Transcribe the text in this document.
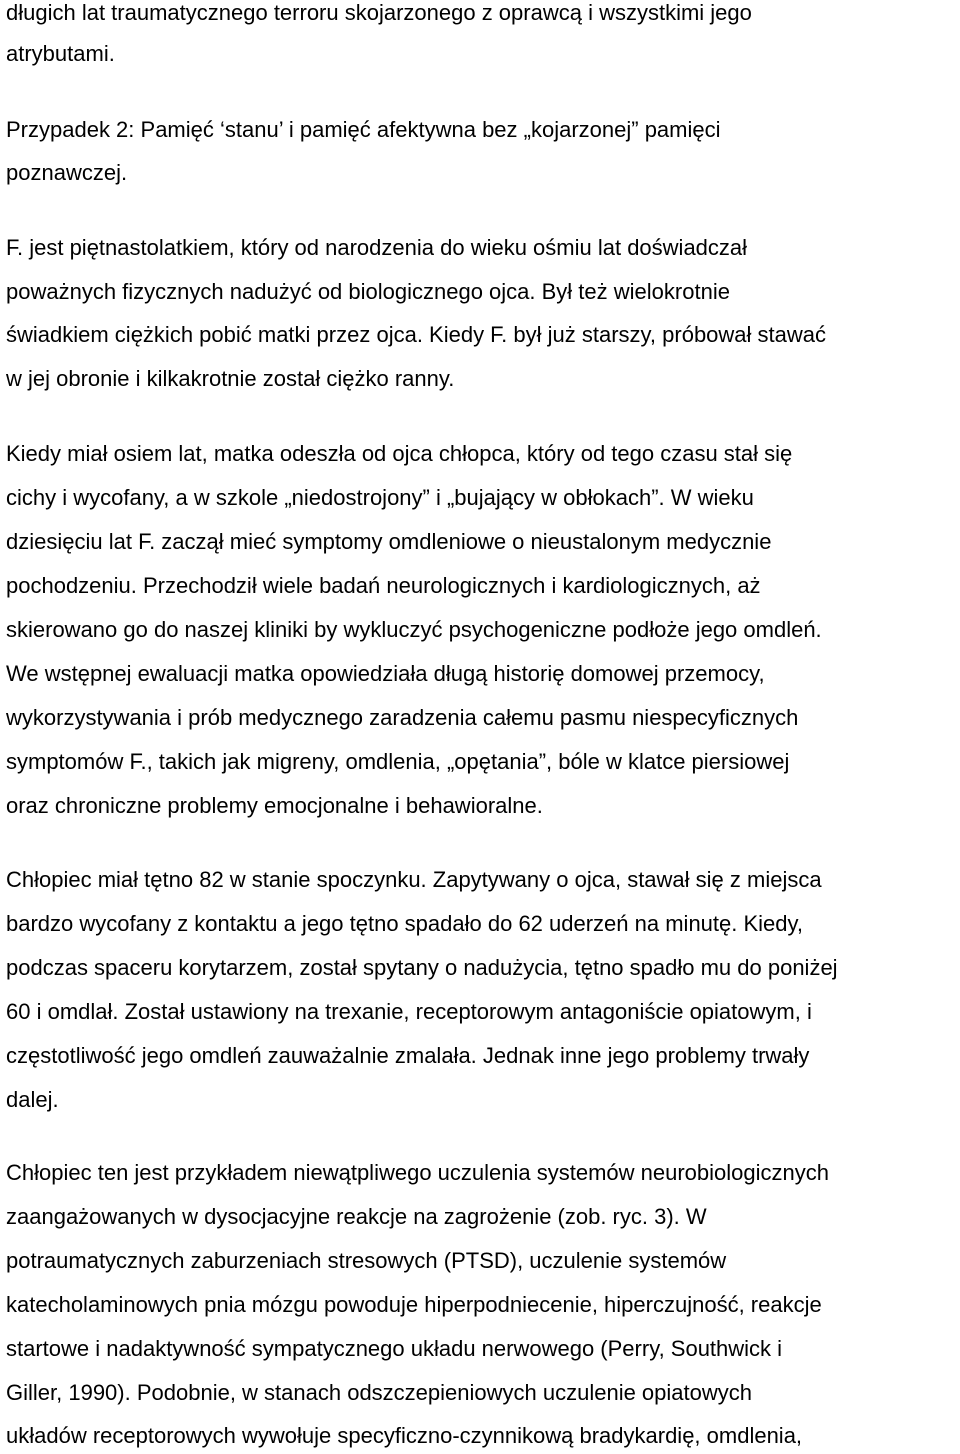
długich lat traumatycznego terroru skojarzonego z oprawcą i wszystkimi jego

atrybutami.

Przypadek 2: Pamięć ‘stanu’ i pamięć afektywna bez „kojarzonej” pamięci

poznawczej.

F. jest piętnastolatkiem, który od narodzenia do wieku ośmiu lat doświadczał

poważnych fizycznych nadużyć od biologicznego ojca. Był też wielokrotnie

świadkiem ciężkich pobić matki przez ojca. Kiedy F. był już starszy, próbował stawać

w jej obronie i kilkakrotnie został ciężko ranny.

Kiedy miał osiem lat, matka odeszła od ojca chłopca, który od tego czasu stał się

cichy i wycofany, a w szkole „niedostrojony” i „bujający w obłokach”. W wieku

dziesięciu lat F. zaczął mieć symptomy omdleniowe o nieustalonym medycznie

pochodzeniu. Przechodził wiele badań neurologicznych i kardiologicznych, aż

skierowano go do naszej kliniki by wykluczyć psychogeniczne podłoże jego omdleń.

We wstępnej ewaluacji matka opowiedziała długą historię domowej przemocy,

wykorzystywania i prób medycznego zaradzenia całemu pasmu niespecyficznych

symptomów F., takich jak migreny, omdlenia, „opętania”, bóle w klatce piersiowej

oraz chroniczne problemy emocjonalne i behawioralne.

Chłopiec miał tętno 82 w stanie spoczynku. Zapytywany o ojca, stawał się z miejsca

bardzo wycofany z kontaktu a jego tętno spadało do 62 uderzeń na minutę. Kiedy,

podczas spaceru korytarzem, został spytany o nadużycia, tętno spadło mu do poniżej

60 i omdlał. Został ustawiony na trexanie, receptorowym antagoniście opiatowym, i

częstotliwość jego omdleń zauważalnie zmalała. Jednak inne jego problemy trwały

dalej.

Chłopiec ten jest przykładem niewątpliwego uczulenia systemów neurobiologicznych

zaangażowanych w dysocjacyjne reakcje na zagrożenie (zob. ryc. 3). W

potraumatycznych zaburzeniach stresowych (PTSD), uczulenie systemów

katecholaminowych pnia mózgu powoduje hiperpodniecenie, hiperczujność, reakcje

startowe i nadaktywność sympatycznego układu nerwowego (Perry, Southwick i

Giller, 1990). Podobnie, w stanach odszczepieniowych uczulenie opiatowych

układów receptorowych wywołuje specyficzno-czynnikową bradykardię, omdlenia,
